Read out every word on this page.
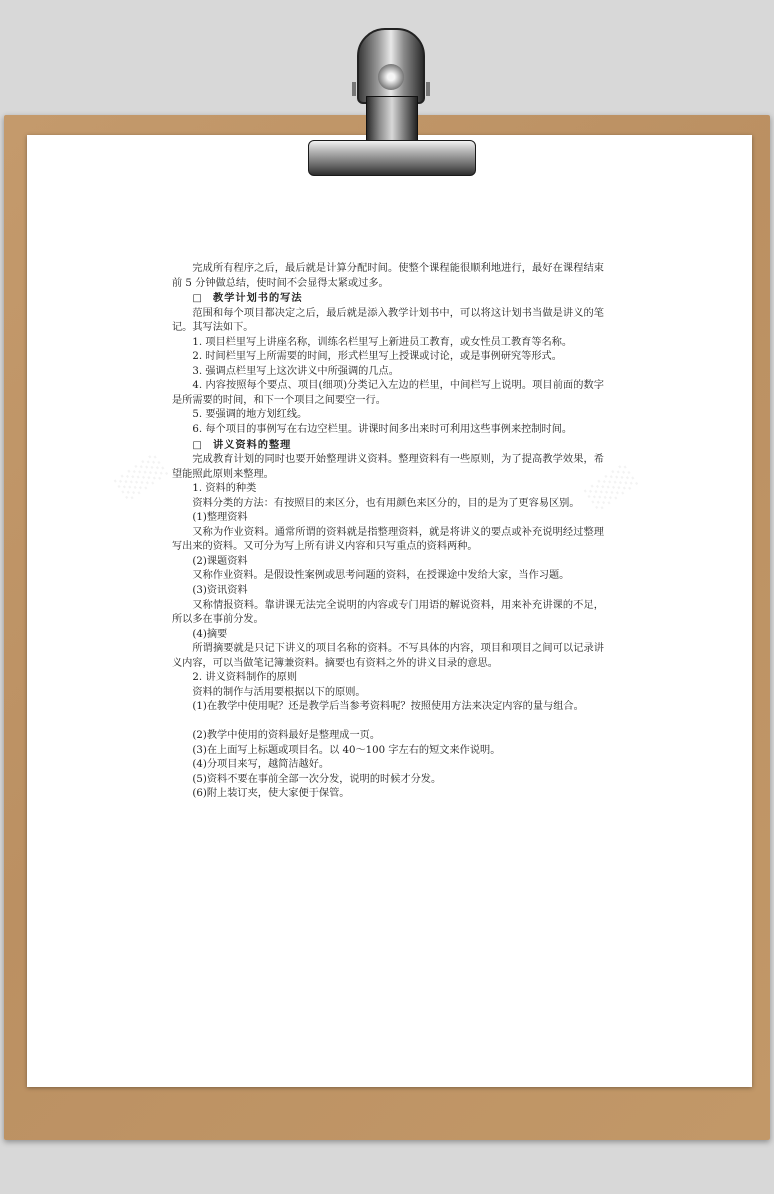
░░░	░░░

完成所有程序之后，最后就是计算分配时间。使整个课程能很顺利地进行，最好在课程结束前 5 分钟做总结，使时间不会显得太紧或过多。

□ 教学计划书的写法

范围和每个项目都决定之后，最后就是添入教学计划书中，可以将这计划书当做是讲义的笔记。其写法如下。

1. 项目栏里写上讲座名称，训练名栏里写上新进员工教育，或女性员工教育等名称。

2. 时间栏里写上所需要的时间，形式栏里写上授课或讨论，或是事例研究等形式。

3. 强调点栏里写上这次讲义中所强调的几点。

4. 内容按照每个要点、项目(细项)分类记入左边的栏里，中间栏写上说明。项目前面的数字是所需要的时间，和下一个项目之间要空一行。

5. 要强调的地方划红线。

6. 每个项目的事例写在右边空栏里。讲课时间多出来时可利用这些事例来控制时间。

□ 讲义资料的整理

完成教育计划的同时也要开始整理讲义资料。整理资料有一些原则，为了提高教学效果，希望能照此原则来整理。

1. 资料的种类

资料分类的方法：有按照目的来区分，也有用颜色来区分的，目的是为了更容易区别。

(1)整理资料

又称为作业资料。通常所谓的资料就是指整理资料，就是将讲义的要点或补充说明经过整理写出来的资料。又可分为写上所有讲义内容和只写重点的资料两种。

(2)课题资料

又称作业资料。是假设性案例或思考问题的资料，在授课途中发给大家，当作习题。

(3)资讯资料

又称情报资料。靠讲课无法完全说明的内容或专门用语的解说资料，用来补充讲课的不足，所以多在事前分发。

(4)摘要

所谓摘要就是只记下讲义的项目名称的资料。不写具体的内容，项目和项目之间可以记录讲义内容，可以当做笔记簿兼资料。摘要也有资料之外的讲义目录的意思。

2. 讲义资料制作的原则

资料的制作与活用要根据以下的原则。

(1)在教学中使用呢？还是教学后当参考资料呢？按照使用方法来决定内容的量与组合。

(2)教学中使用的资料最好是整理成一页。

(3)在上面写上标题或项目名。以 40～100 字左右的短文来作说明。

(4)分项目来写，越简洁越好。

(5)资料不要在事前全部一次分发，说明的时候才分发。

(6)附上装订夹，使大家便于保管。
